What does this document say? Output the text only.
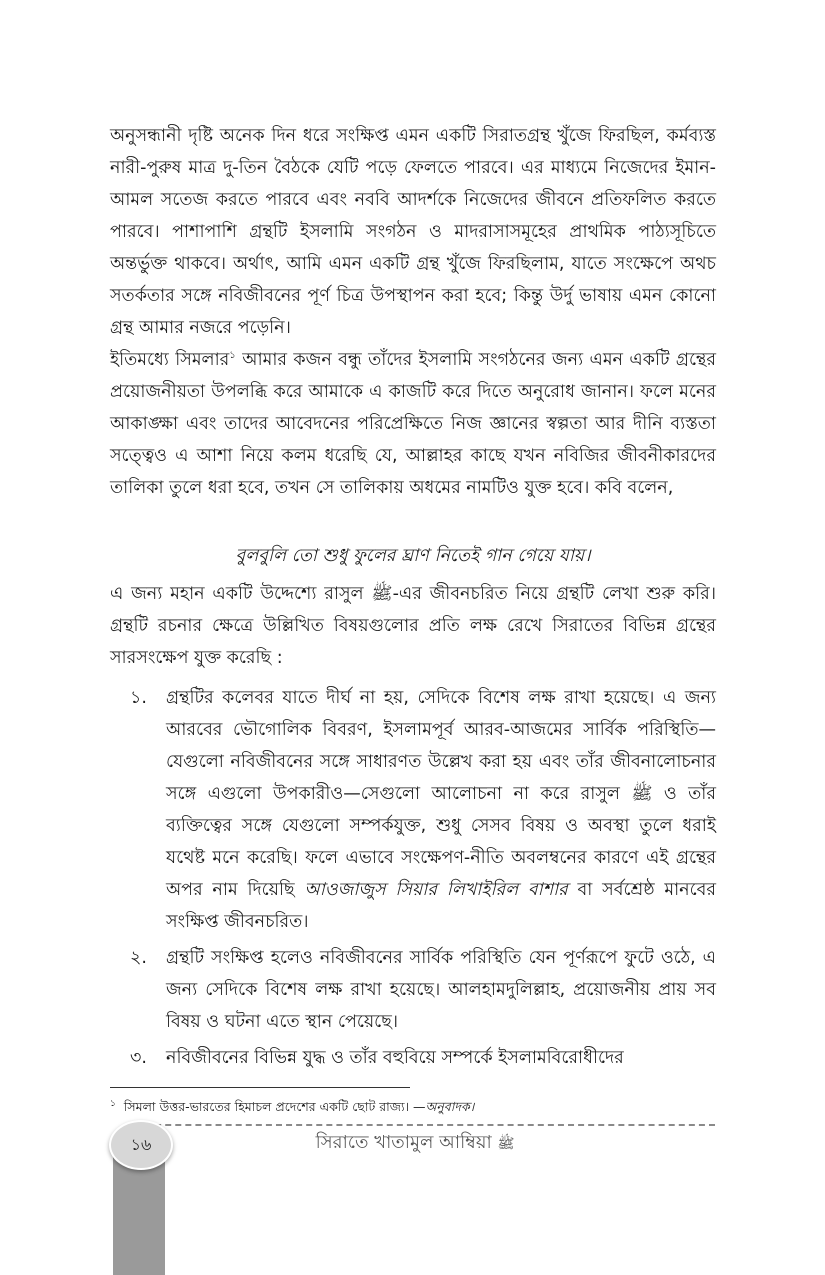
অনুসন্ধানী দৃষ্টি অনেক দিন ধরে সংক্ষিপ্ত এমন একটি সিরাতগ্রন্থ খুঁজে ফিরছিল, কর্মব্যস্ত নারী-পুরুষ মাত্র দু-তিন বৈঠকে যেটি পড়ে ফেলতে পারবে। এর মাধ্যমে নিজেদের ইমান-আমল সতেজ করতে পারবে এবং নববি আদর্শকে নিজেদের জীবনে প্রতিফলিত করতে পারবে। পাশাপাশি গ্রন্থটি ইসলামি সংগঠন ও মাদরাসাসমূহের প্রাথমিক পাঠ্যসূচিতে অন্তর্ভুক্ত থাকবে। অর্থাৎ, আমি এমন একটি গ্রন্থ খুঁজে ফিরছিলাম, যাতে সংক্ষেপে অথচ সতর্কতার সঙ্গে নবিজীবনের পূর্ণ চিত্র উপস্থাপন করা হবে; কিন্তু উর্দু ভাষায় এমন কোনো গ্রন্থ আমার নজরে পড়েনি।

ইতিমধ্যে সিমলার$^১$ আমার কজন বন্ধু তাঁদের ইসলামি সংগঠনের জন্য এমন একটি গ্রন্থের প্রয়োজনীয়তা উপলব্ধি করে আমাকে এ কাজটি করে দিতে অনুরোধ জানান। ফলে মনের আকাঙ্ক্ষা এবং তাদের আবেদনের পরিপ্রেক্ষিতে নিজ জ্ঞানের স্বল্পতা আর দীনি ব্যস্ততা সত্ত্বেও এ আশা নিয়ে কলম ধরেছি যে, আল্লাহর কাছে যখন নবিজির জীবনীকারদের তালিকা তুলে ধরা হবে, তখন সে তালিকায় অধমের নামটিও যুক্ত হবে। কবি বলেন,

বুলবুলি তো শুধু ফুলের ঘ্রাণ নিতেই গান গেয়ে যায়।

এ জন্য মহান একটি উদ্দেশ্যে রাসুল ﷺ-এর জীবনচরিত নিয়ে গ্রন্থটি লেখা শুরু করি। গ্রন্থটি রচনার ক্ষেত্রে উল্লিখিত বিষয়গুলোর প্রতি লক্ষ রেখে সিরাতের বিভিন্ন গ্রন্থের সারসংক্ষেপ যুক্ত করেছি :

১. গ্রন্থটির কলেবর যাতে দীর্ঘ না হয়, সেদিকে বিশেষ লক্ষ রাখা হয়েছে। এ জন্য আরবের ভৌগোলিক বিবরণ, ইসলামপূর্ব আরব-আজমের সার্বিক পরিস্থিতি—যেগুলো নবিজীবনের সঙ্গে সাধারণত উল্লেখ করা হয় এবং তাঁর জীবনালোচনার সঙ্গে এগুলো উপকারীও—সেগুলো আলোচনা না করে রাসুল ﷺ ও তাঁর ব্যক্তিত্বের সঙ্গে যেগুলো সম্পর্কযুক্ত, শুধু সেসব বিষয় ও অবস্থা তুলে ধরাই যথেষ্ট মনে করেছি। ফলে এভাবে সংক্ষেপণ-নীতি অবলম্বনের কারণে এই গ্রন্থের অপর নাম দিয়েছি আওজাজুস সিয়ার লিখাইরিল বাশার বা সর্বশ্রেষ্ঠ মানবের সংক্ষিপ্ত জীবনচরিত।

২. গ্রন্থটি সংক্ষিপ্ত হলেও নবিজীবনের সার্বিক পরিস্থিতি যেন পূর্ণরূপে ফুটে ওঠে, এ জন্য সেদিকে বিশেষ লক্ষ রাখা হয়েছে। আলহামদুলিল্লাহ, প্রয়োজনীয় প্রায় সব বিষয় ও ঘটনা এতে স্থান পেয়েছে।

৩. নবিজীবনের বিভিন্ন যুদ্ধ ও তাঁর বহুবিয়ে সম্পর্কে ইসলামবিরোধীদের

$^১$ সিমলা উত্তর-ভারতের হিমাচল প্রদেশের একটি ছোট রাজ্য। —অনুবাদক।

১৬	সিরাতে খাতামুল আম্বিয়া ﷺ
